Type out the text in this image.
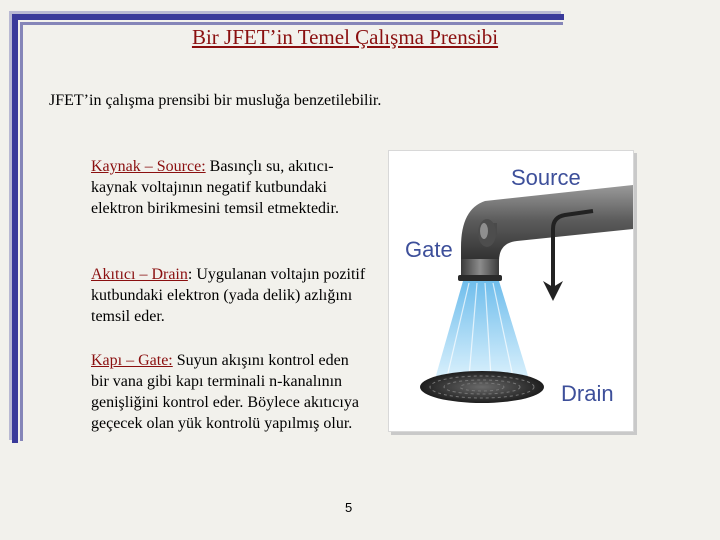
Bir JFET’in Temel Çalışma Prensibi
JFET’in çalışma prensibi bir musluğa benzetilebilir.
Kaynak – Source: Basınçlı su, akıtıcı-kaynak voltajının negatif kutbundaki elektron birikmesini temsil etmektedir.
Akıtıcı – Drain: Uygulanan voltajın pozitif kutbundaki elektron (yada delik) azlığını temsil eder.
Kapı – Gate: Suyun akışını kontrol eden bir vana gibi kapı terminali n-kanalının genişliğini kontrol eder. Böylece akıtıcıya geçecek olan yük kontrolü yapılmış olur.
Source
Gate
Drain
5
